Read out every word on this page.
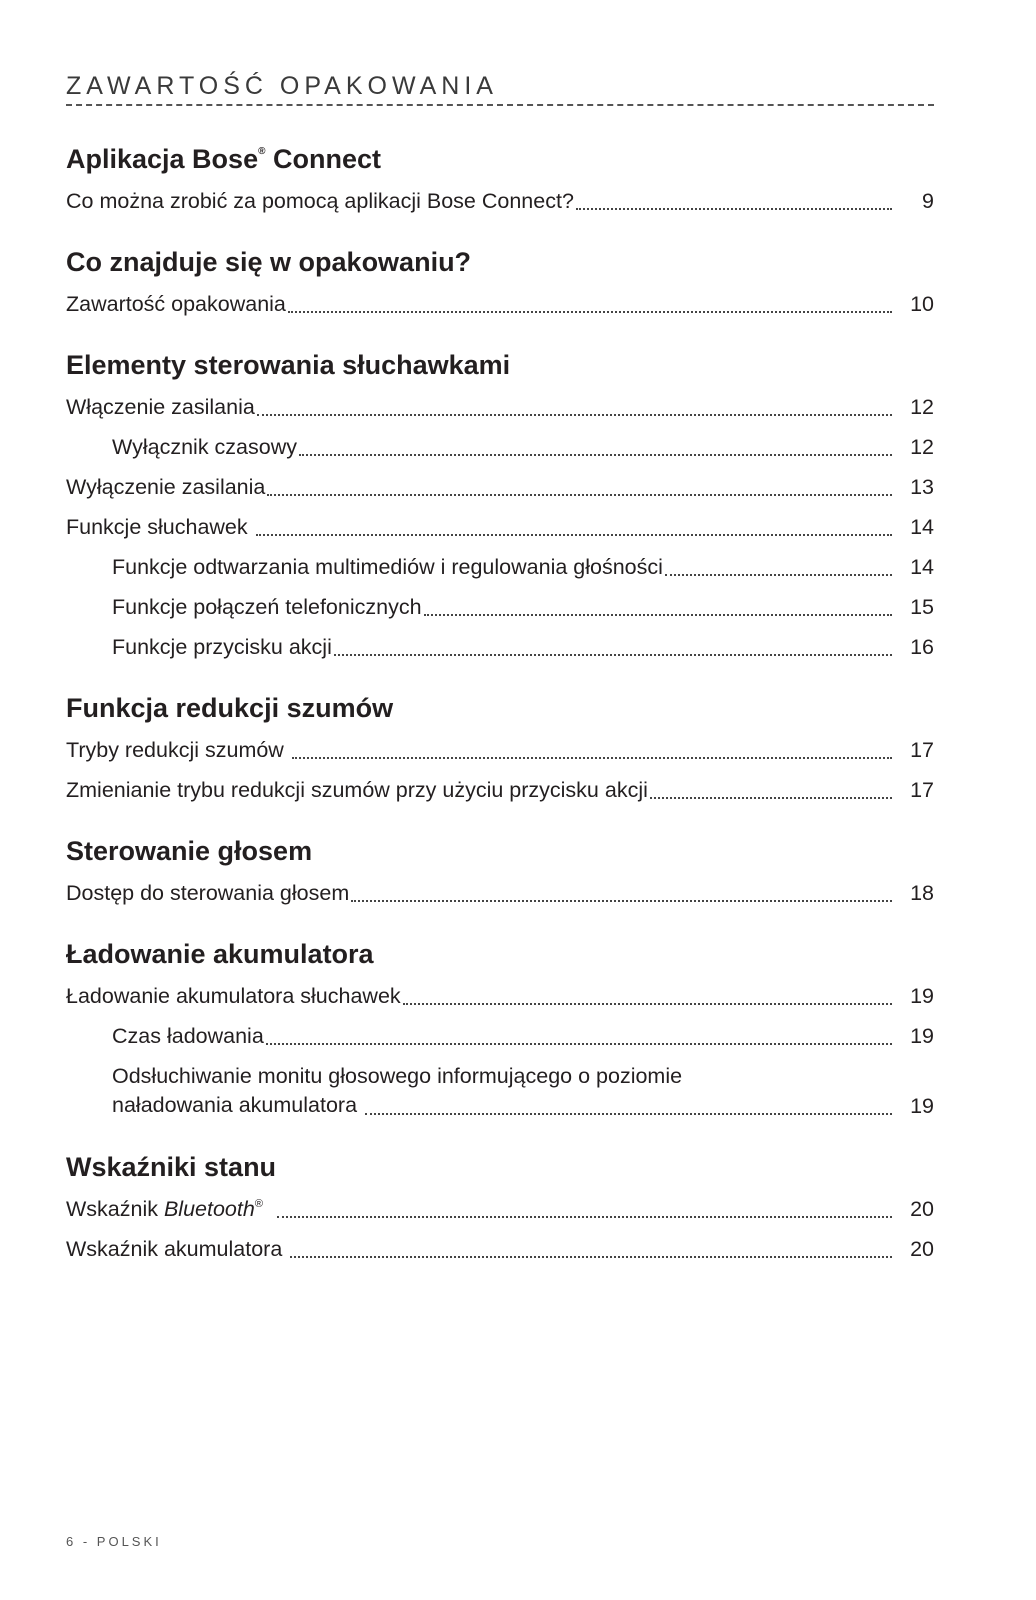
ZAWARTOŚĆ OPAKOWANIA
Aplikacja Bose® Connect
Co można zrobić za pomocą aplikacji Bose Connect?	9
Co znajduje się w opakowaniu?
Zawartość opakowania	10
Elementy sterowania słuchawkami
Włączenie zasilania	12
Wyłącznik czasowy	12
Wyłączenie zasilania	13
Funkcje słuchawek	14
Funkcje odtwarzania multimediów i regulowania głośności	14
Funkcje połączeń telefonicznych	15
Funkcje przycisku akcji	16
Funkcja redukcji szumów
Tryby redukcji szumów	17
Zmienianie trybu redukcji szumów przy użyciu przycisku akcji	17
Sterowanie głosem
Dostęp do sterowania głosem	18
Ładowanie akumulatora
Ładowanie akumulatora słuchawek	19
Czas ładowania	19
Odsłuchiwanie monitu głosowego informującego o poziomie
naładowania akumulatora	19
Wskaźniki stanu
Wskaźnik Bluetooth®	20
Wskaźnik akumulatora	20
6 - POLSKI
